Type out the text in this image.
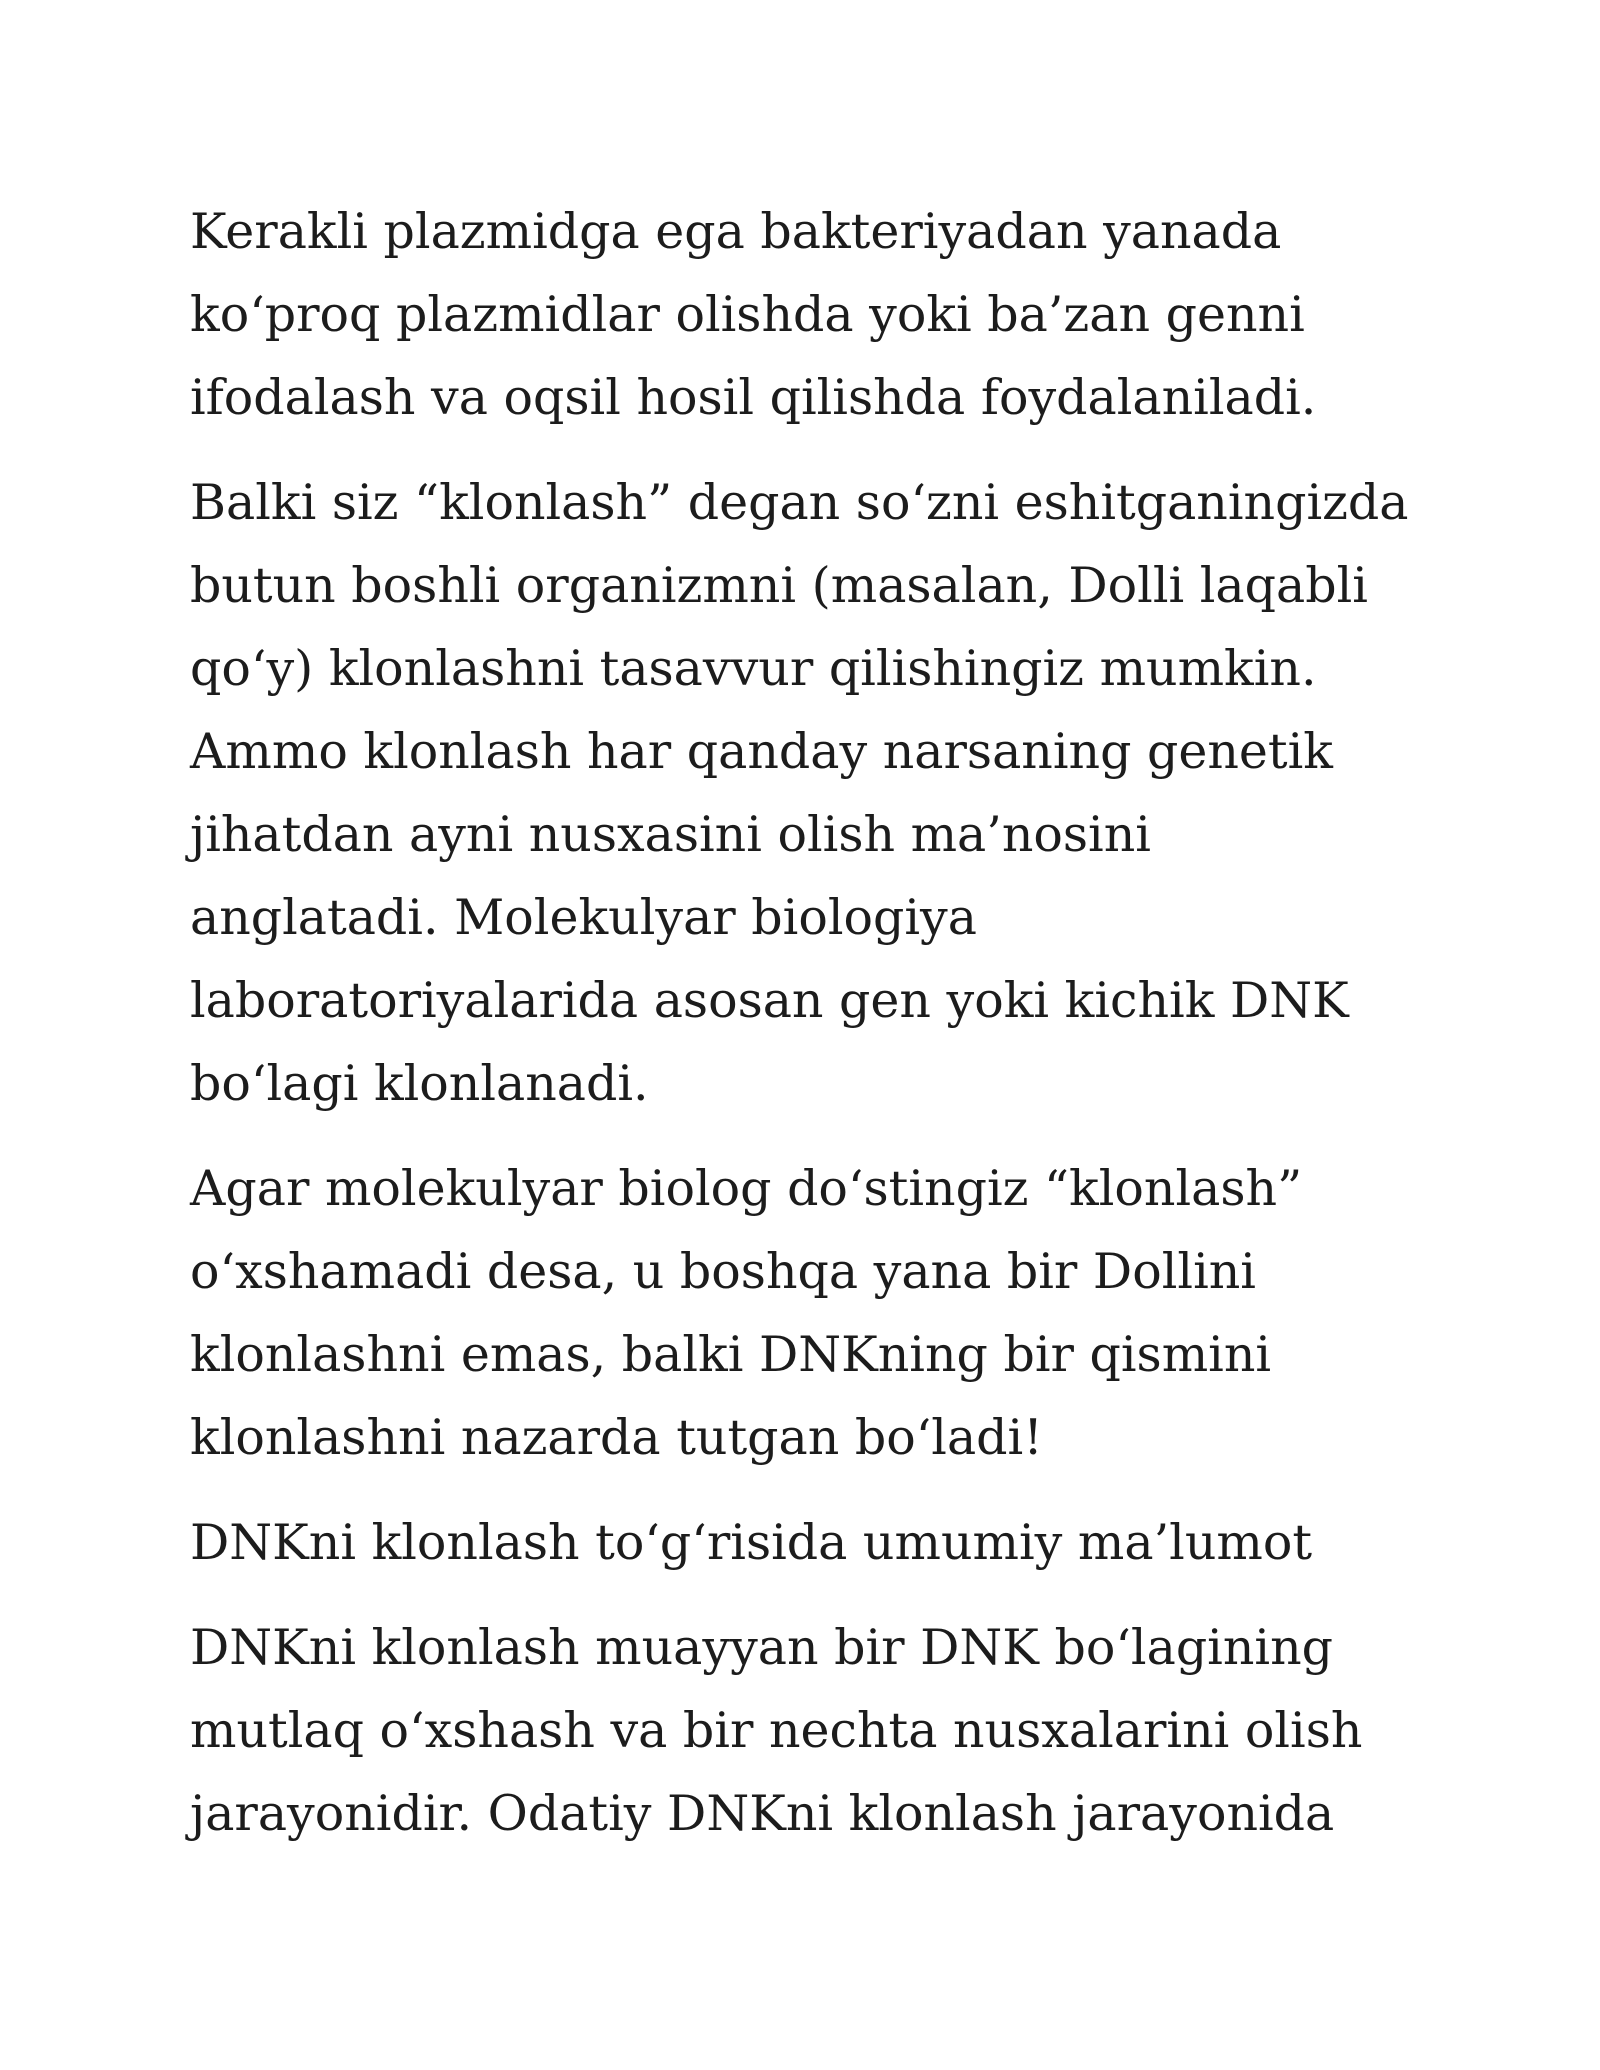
Kerakli plazmidga ega bakteriyadan yanada
ko‘proq plazmidlar olishda yoki ba’zan genni
ifodalash va oqsil hosil qilishda foydalaniladi.

Balki siz “klonlash” degan so‘zni eshitganingizda
butun boshli organizmni (masalan, Dolli laqabli
qo‘y) klonlashni tasavvur qilishingiz mumkin.
Ammo klonlash har qanday narsaning genetik
jihatdan ayni nusxasini olish ma’nosini
anglatadi. Molekulyar biologiya
laboratoriyalarida asosan gen yoki kichik DNK
bo‘lagi klonlanadi.

Agar molekulyar biolog do‘stingiz “klonlash”
o‘xshamadi desa, u boshqa yana bir Dollini
klonlashni emas, balki DNKning bir qismini
klonlashni nazarda tutgan bo‘ladi!

DNKni klonlash to‘g‘risida umumiy ma’lumot

DNKni klonlash muayyan bir DNK bo‘lagining
mutlaq o‘xshash va bir nechta nusxalarini olish
jarayonidir. Odatiy DNKni klonlash jarayonida
